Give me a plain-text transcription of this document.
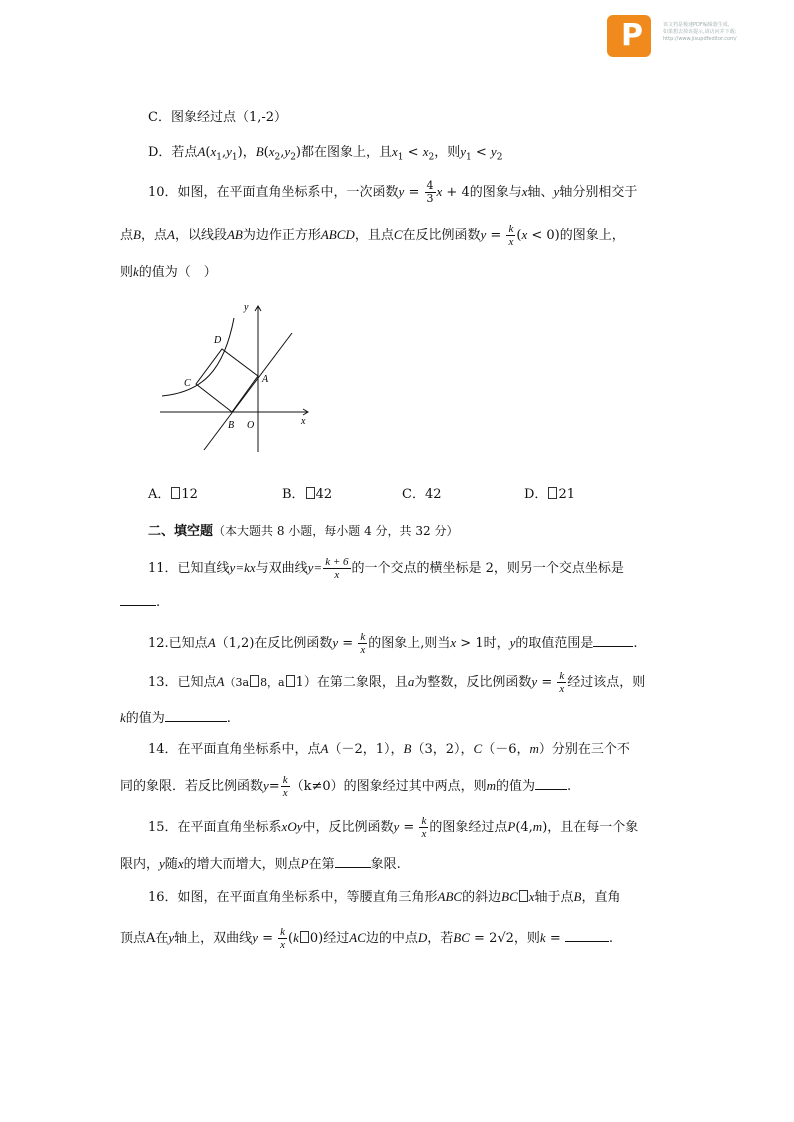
P	该文档是极速PDF编辑器生成,
如果想去掉该提示,请访问并下载:
http://www.jisupdfeditor.com/
C．图象经过点（1,-2）
D．若点$A(x_1,y_1)$，$B(x_2,y_2)$都在图象上，且$x_1 < x_2$，则$y_1 < y_2$
10．如图，在平面直角坐标系中，一次函数$y = \frac{4}{3}$ x + 4的图象与x轴、y轴分别相交于
点B，点A，以线段AB为边作正方形ABCD，且点C在反比例函数$y = \frac{k}{x} (x < 0)$的图象上，
则k的值为（　）
y
x
D
C	A
B O
A． 12	B． 42	C．42	D． 21
二、填空题（本大题共 8 小题，每小题 4 分，共 32 分）
11．已知直线y=kx与双曲线$y= \frac{k + 6}{x}$ 的一个交点的横坐标是 2，则另一个交点坐标是
.
12.已知点A（1,2)在反比例函数$y = \frac{k}{x}$ 的图象上,则当x > 1时，y的取值范围是	.
13．已知点A（3a 8，a 1）在第二象限，且a为整数，反比例函数$y = \frac{k}{x}$ 经过该点，则
k的值为	.
14．在平面直角坐标系中，点A（－2，1），B（3，2），C（－6，m）分别在三个不
同的象限．若反比例函数$y= \frac{k}{x} (k\ne 0)$的图象经过其中两点，则m的值为 .
15．在平面直角坐标系xOy中，反比例函数$y = \frac{k}{x}$ 的图象经过点P(4,m)，且在每一个象
限内，y随x的增大而增大，则点P在第	象限.
16．如图，在平面直角坐标系中，等腰直角三角形ABC的斜边BC x轴于点B，直角
顶点A在y轴上，双曲线$y = \frac{k}{x} (k$ 0)经过AC边的中点D，若BC = 2√2，则k =	.
